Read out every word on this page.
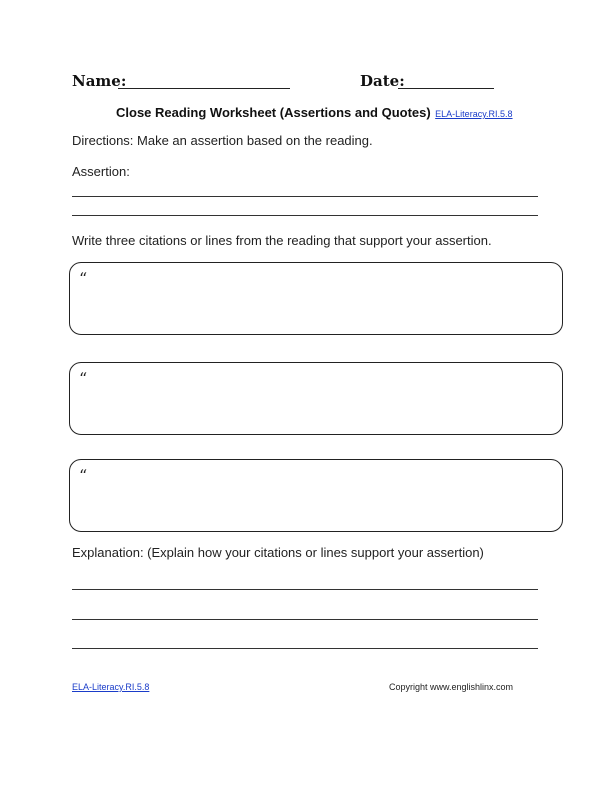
Name:	Date:
Close Reading Worksheet (Assertions and Quotes) ELA-Literacy.RI.5.8
Directions: Make an assertion based on the reading.
Assertion:
Write three citations or lines from the reading that support your assertion.
“
“
“
Explanation: (Explain how your citations or lines support your assertion)
ELA-Literacy.RI.5.8	Copyright www.englishlinx.com
